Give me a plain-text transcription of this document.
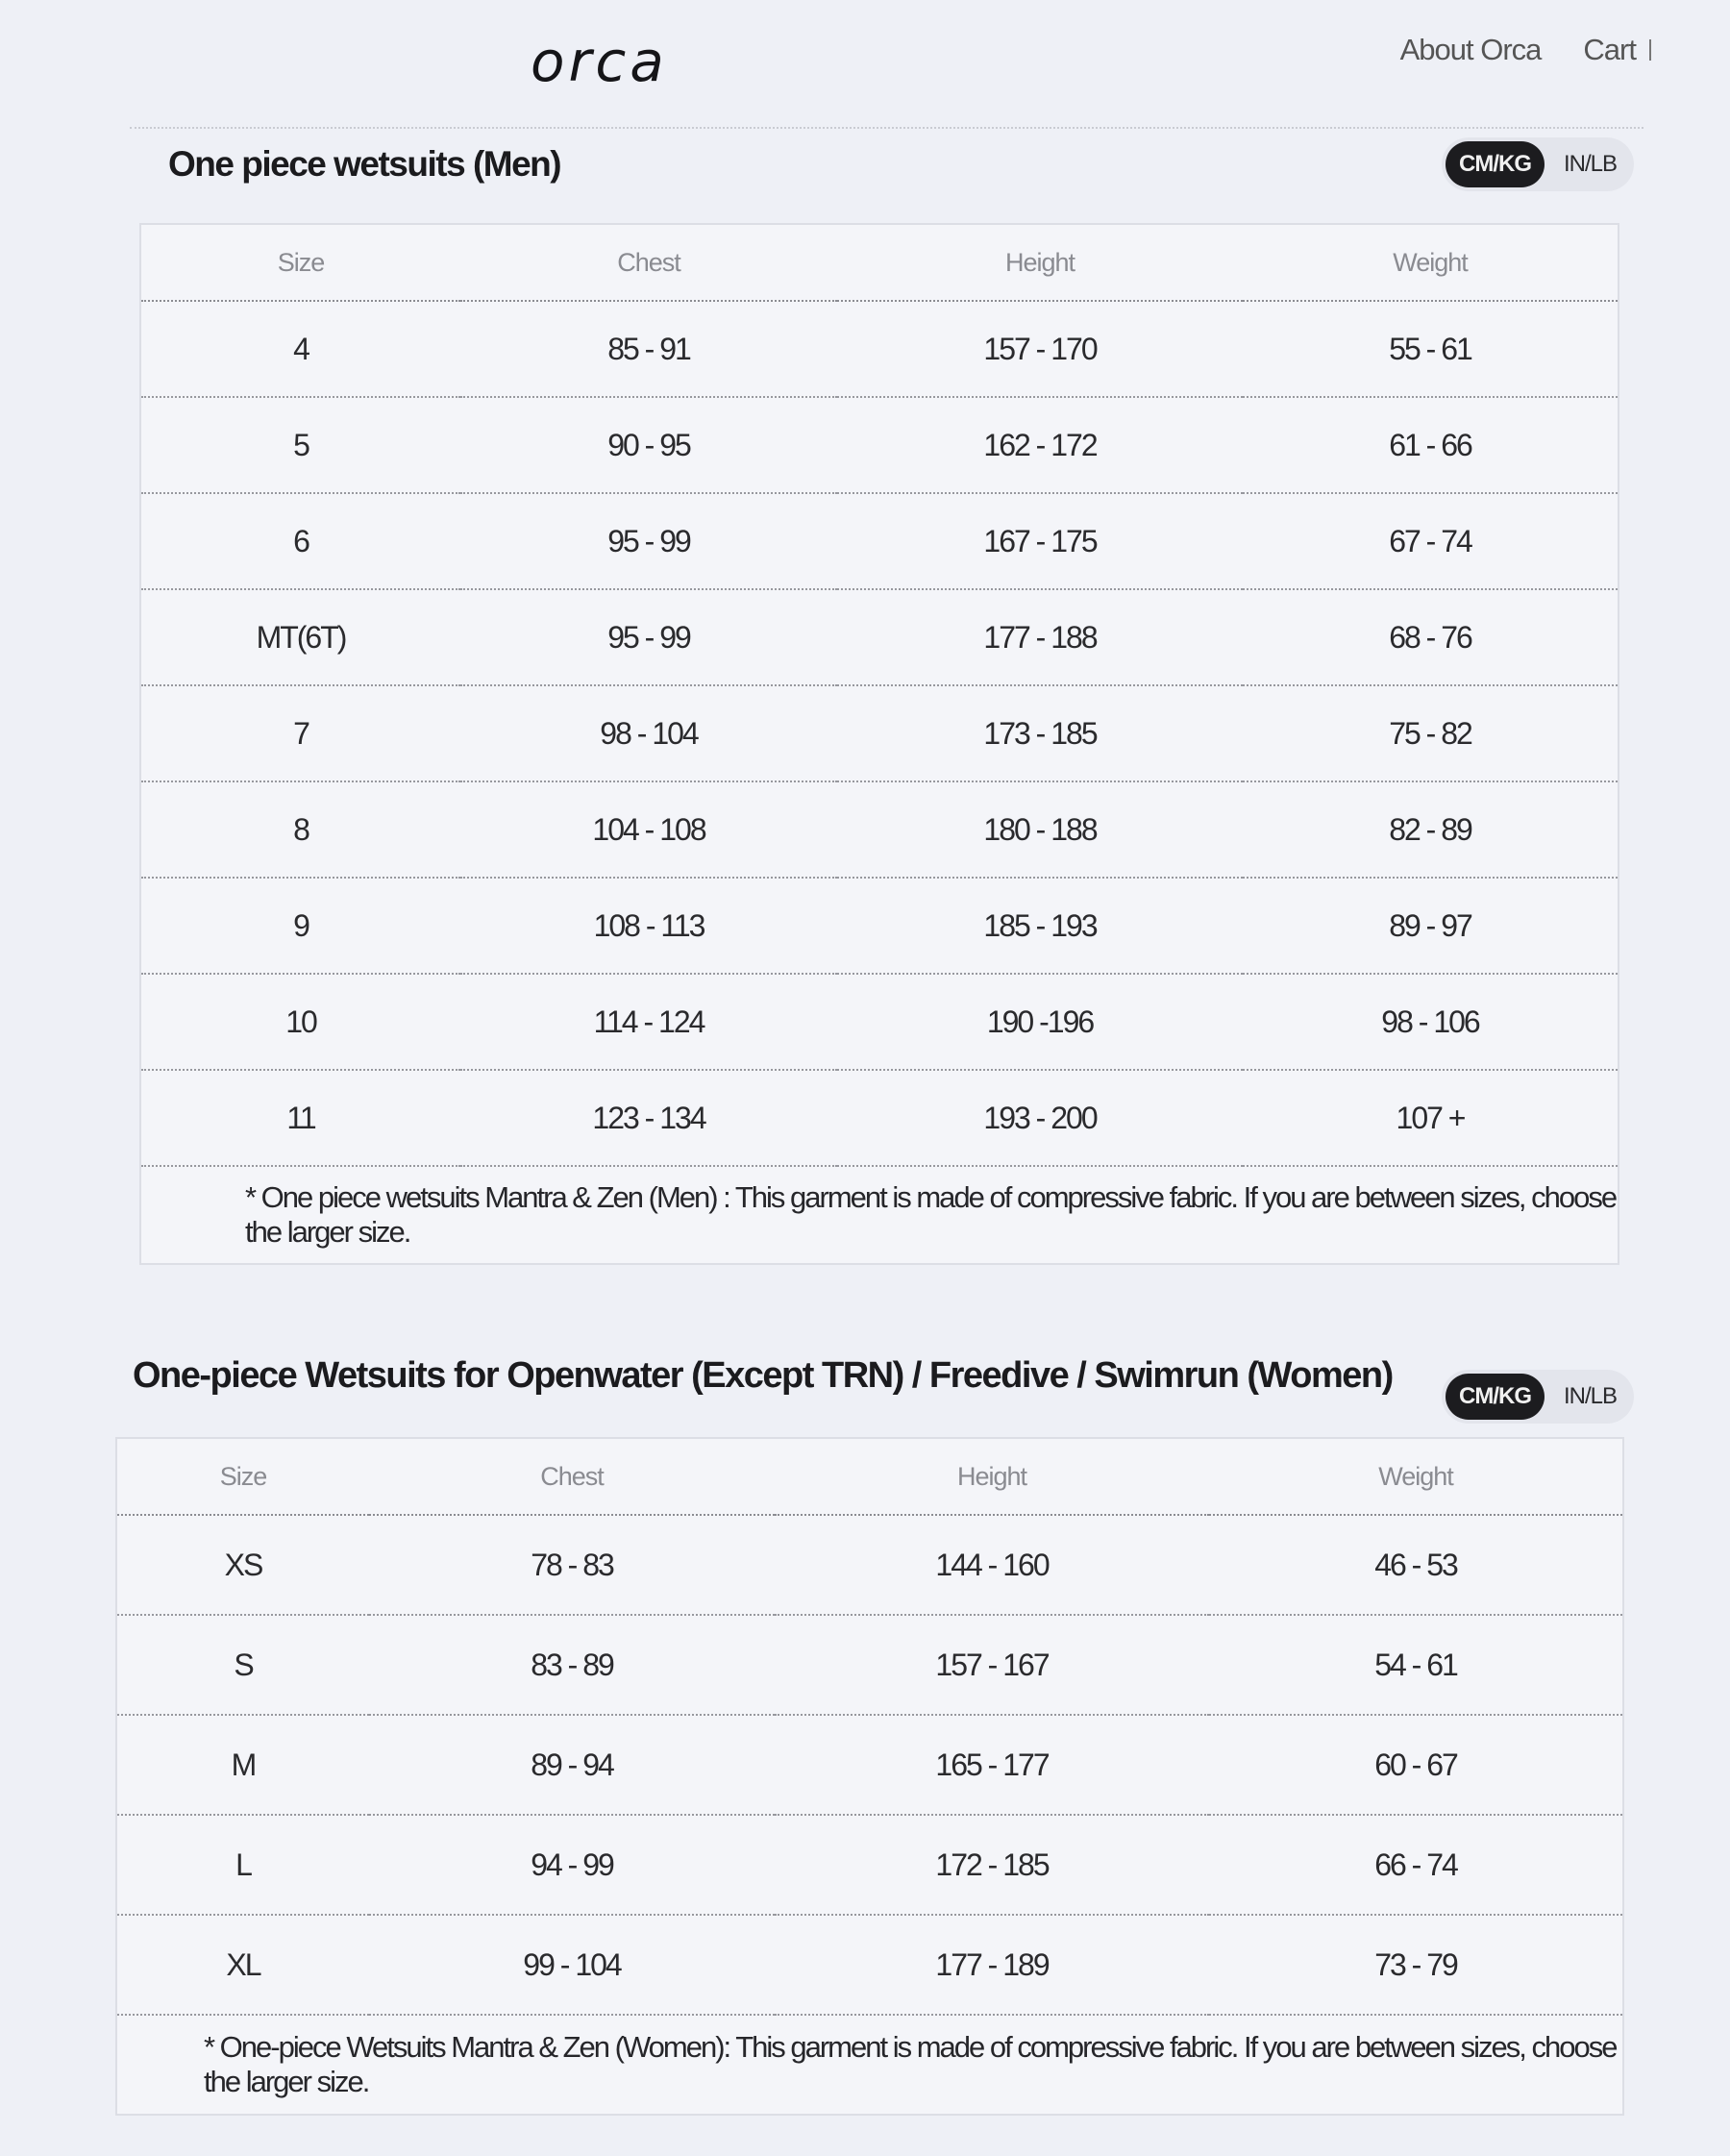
orca	About Orca Cart
One piece wetsuits (Men)	CM/KG	IN/LB
Size	Chest	Height	Weight
4	85 - 91	157 - 170	55 - 61
5	90 - 95	162 - 172	61 - 66
6	95 - 99	167 - 175	67 - 74
MT(6T)	95 - 99	177 - 188	68 - 76
7	98 - 104	173 - 185	75 - 82
8	104 - 108	180 - 188	82 - 89
9	108 - 113	185 - 193	89 - 97
10	114 - 124	190 -196	98 - 106
11	123 - 134	193 - 200	107 +
* One piece wetsuits Mantra & Zen (Men) : This garment is made of compressive fabric. If you are between sizes, choose the larger size.			
One-piece Wetsuits for Openwater (Except TRN) / Freedive / Swimrun (Women)
CM/KG	IN/LB
Size	Chest	Height	Weight
XS	78 - 83	144 - 160	46 - 53
S	83 - 89	157 - 167	54 - 61
M	89 - 94	165 - 177	60 - 67
L	94 - 99	172 - 185	66 - 74
XL	99 - 104	177 - 189	73 - 79
* One-piece Wetsuits Mantra & Zen (Women): This garment is made of compressive fabric. If you are between sizes, choose the larger size.			
